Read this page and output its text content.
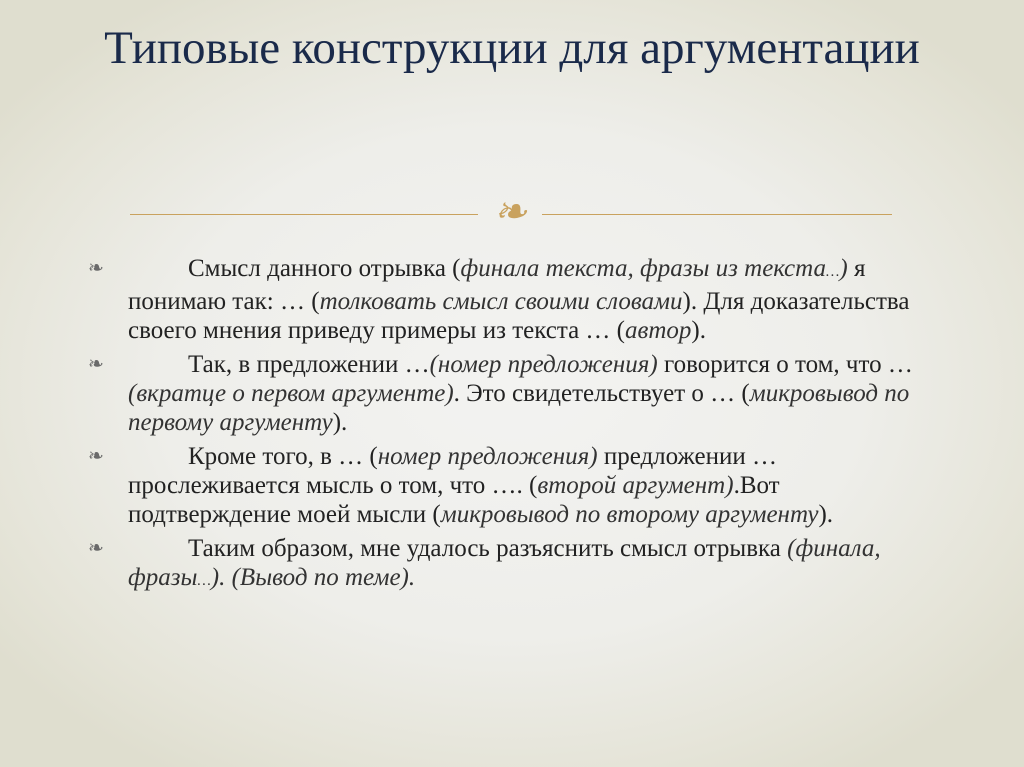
Типовые конструкции для аргументации
❧
❧	Смысл данного отрывка (финала текста, фразы из текста…) я понимаю так: … (толковать смысл своими словами). Для доказательства своего мнения приведу примеры из текста … (автор).
❧	Так, в предложении …(номер предложения) говорится о том, что … (вкратце о первом аргументе). Это свидетельствует о … (микровывод по первому аргументу).
❧	Кроме того, в … (номер предложения) предложении … прослеживается мысль о том, что …. (второй аргумент).Вот подтверждение моей мысли (микровывод по второму аргументу).
❧	Таким образом, мне удалось разъяснить смысл отрывка (финала, фразы…). (Вывод по теме).
